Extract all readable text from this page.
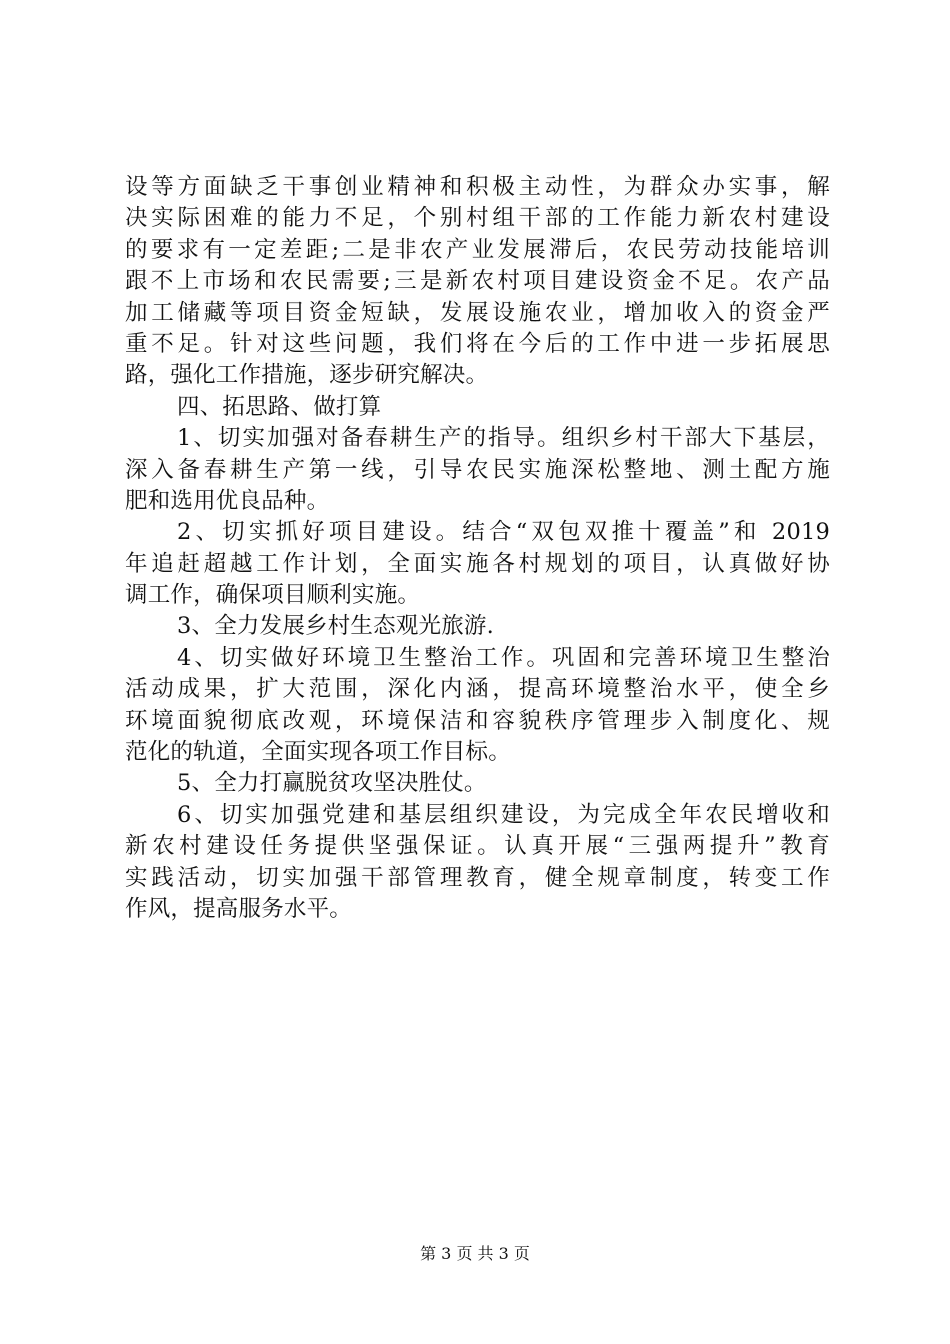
设等方面缺乏干事创业精神和积极主动性，为群众办实事，解
决实际困难的能力不足，个别村组干部的工作能力新农村建设
的要求有一定差距;二是非农产业发展滞后，农民劳动技能培训
跟不上市场和农民需要;三是新农村项目建设资金不足。农产品
加工储藏等项目资金短缺，发展设施农业，增加收入的资金严
重不足。针对这些问题，我们将在今后的工作中进一步拓展思
路，强化工作措施，逐步研究解决。
四、拓思路、做打算
1、切实加强对备春耕生产的指导。组织乡村干部大下基层，
深入备春耕生产第一线，引导农民实施深松整地、测土配方施
肥和选用优良品种。
2、切实抓好项目建设。结合“双包双推十覆盖”和 2019
年追赶超越工作计划，全面实施各村规划的项目，认真做好协
调工作，确保项目顺利实施。
3、全力发展乡村生态观光旅游.
4、切实做好环境卫生整治工作。巩固和完善环境卫生整治
活动成果，扩大范围，深化内涵，提高环境整治水平，使全乡
环境面貌彻底改观，环境保洁和容貌秩序管理步入制度化、规
范化的轨道，全面实现各项工作目标。
5、全力打赢脱贫攻坚决胜仗。
6、切实加强党建和基层组织建设，为完成全年农民增收和
新农村建设任务提供坚强保证。认真开展“三强两提升”教育
实践活动，切实加强干部管理教育，健全规章制度，转变工作
作风，提高服务水平。
第 3 页 共 3 页
